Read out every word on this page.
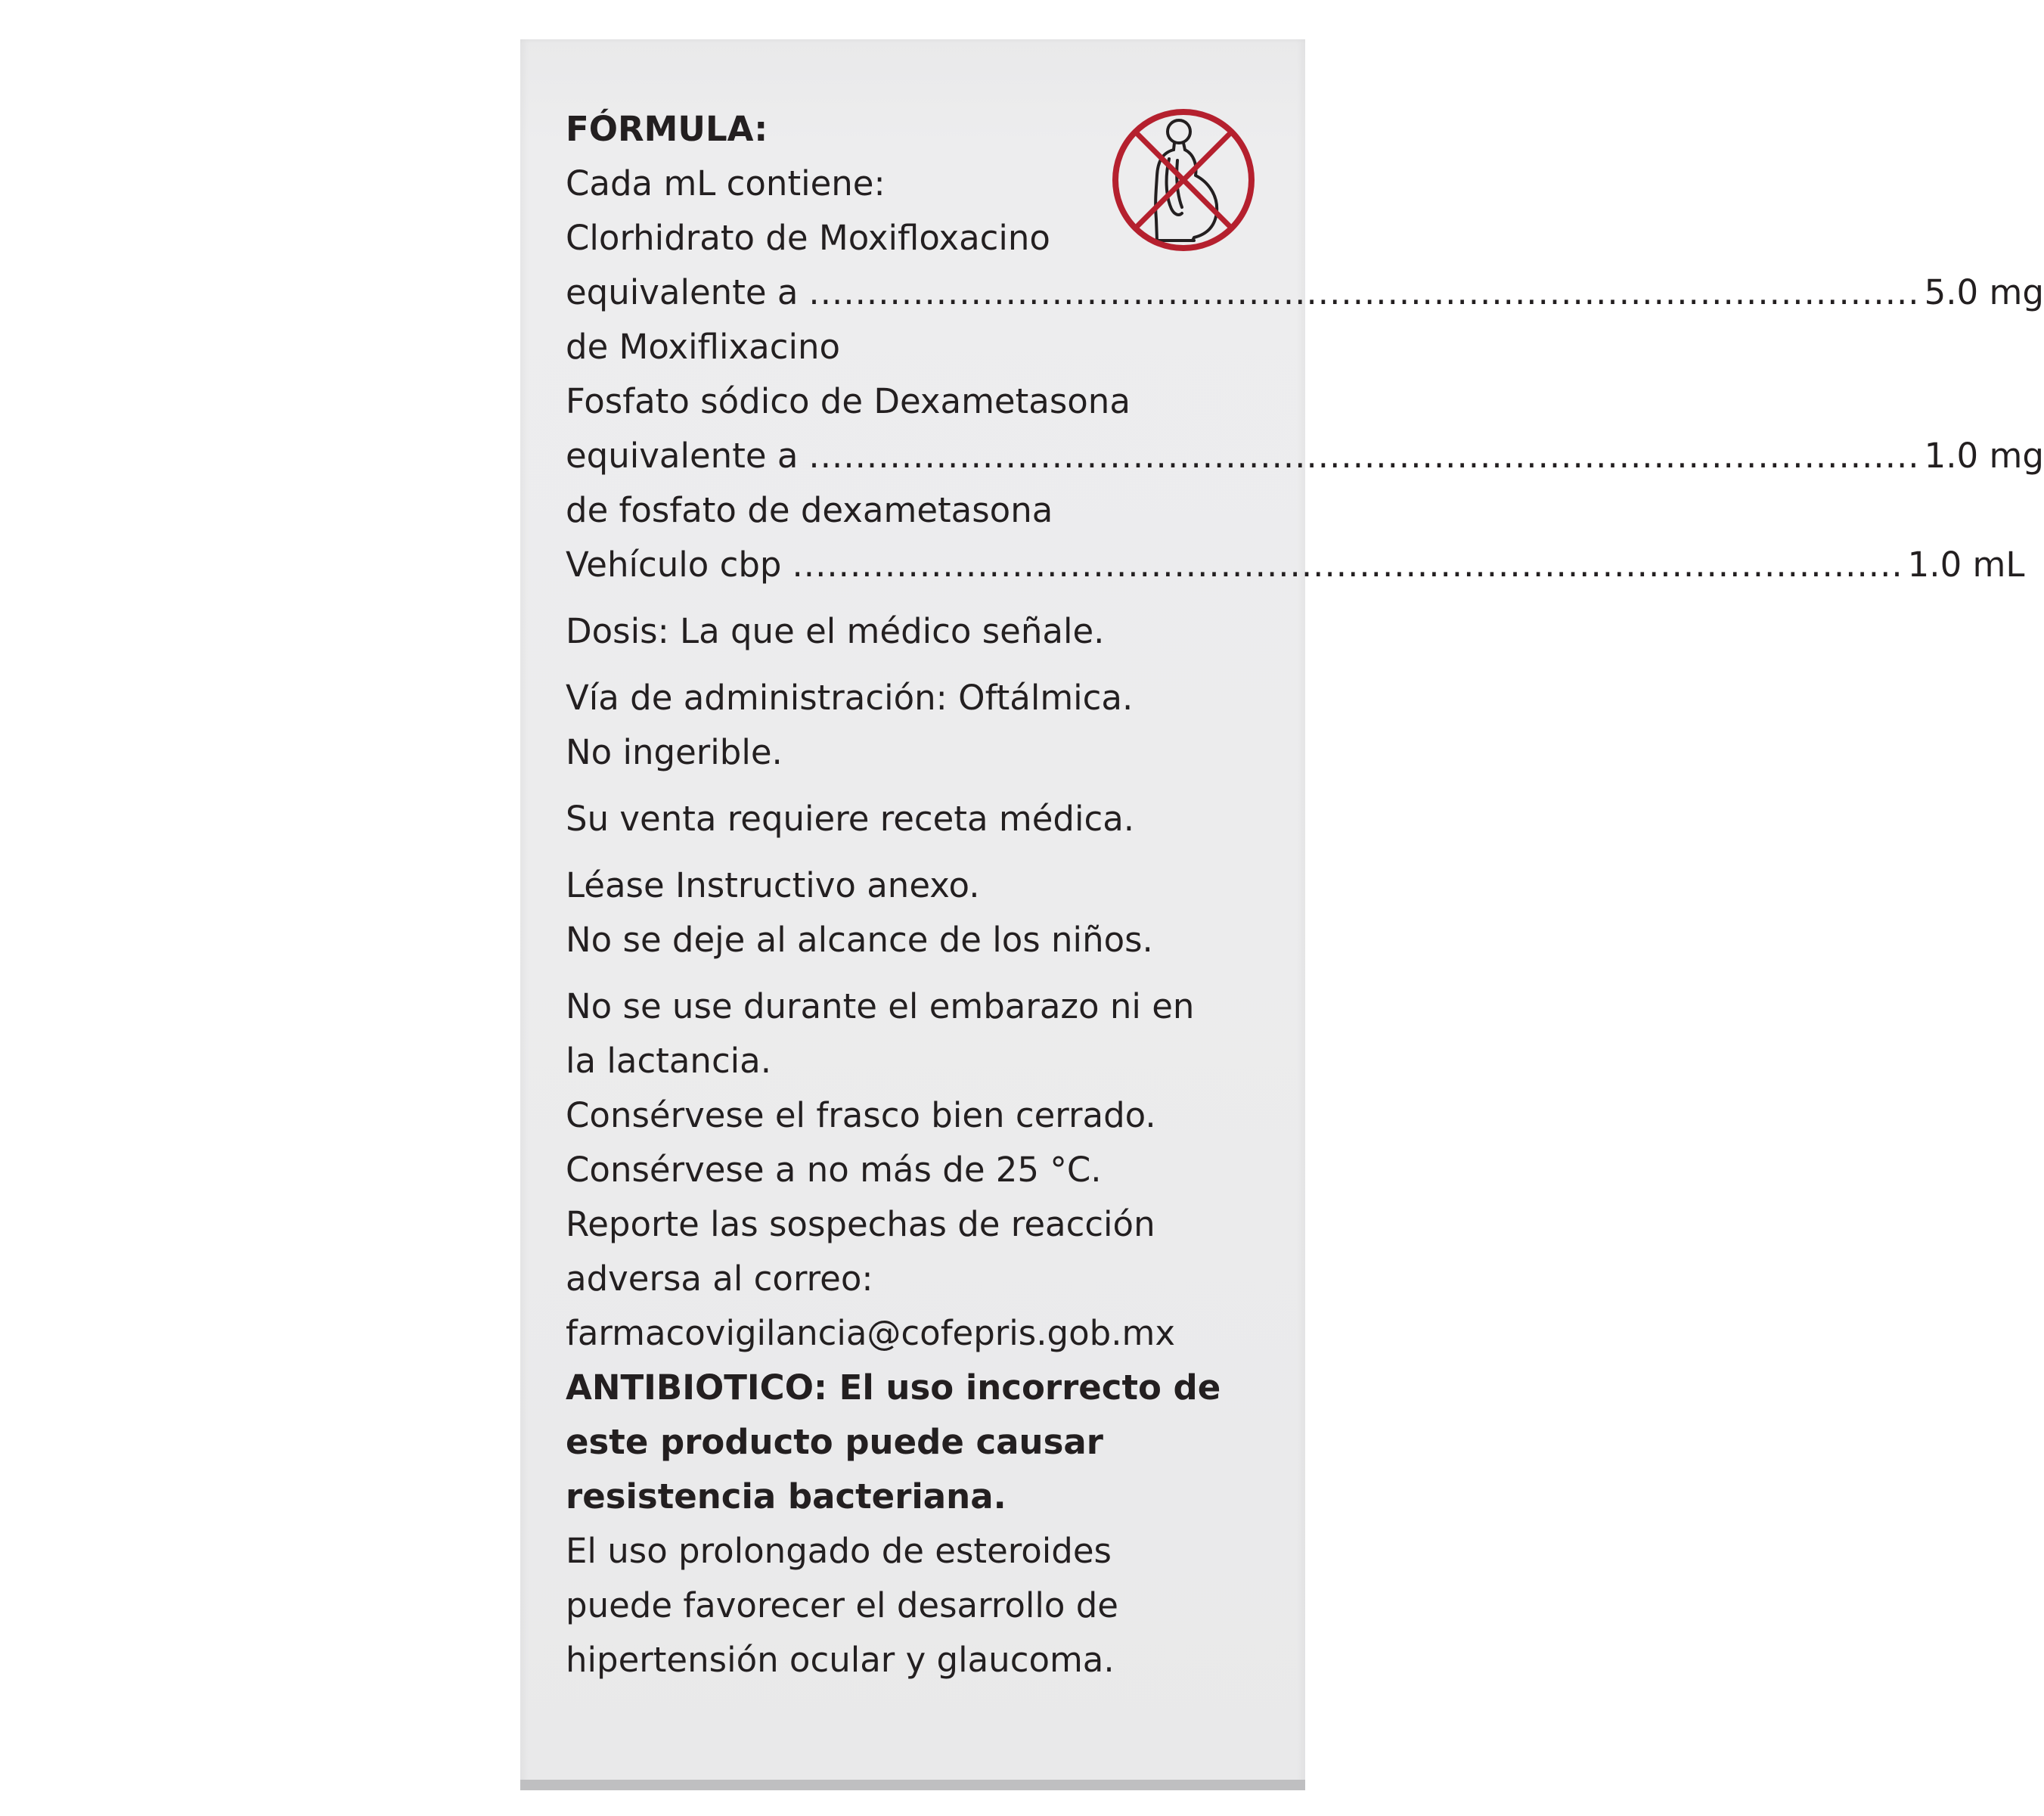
FÓRMULA:
Cada mL contiene:
Clorhidrato de Moxifloxacino
equivalente a ................................................................................................ 5.0 mg
de Moxiflixacino
Fosfato sódico de Dexametasona
equivalente a ................................................................................................ 1.0 mg
de fosfato de dexametasona
Vehículo cbp ................................................................................................ 1.0 mL
Dosis: La que el médico señale.
Vía de administración: Oftálmica.
No ingerible.
Su venta requiere receta médica.
Léase Instructivo anexo.
No se deje al alcance de los niños.
No se use durante el embarazo ni en
la lactancia.
Consérvese el frasco bien cerrado.
Consérvese a no más de 25 °C.
Reporte las sospechas de reacción
adversa al correo:
farmacovigilancia@cofepris.gob.mx
ANTIBIOTICO: El uso incorrecto de
este producto puede causar
resistencia bacteriana.
El uso prolongado de esteroides
puede favorecer el desarrollo de
hipertensión ocular y glaucoma.
